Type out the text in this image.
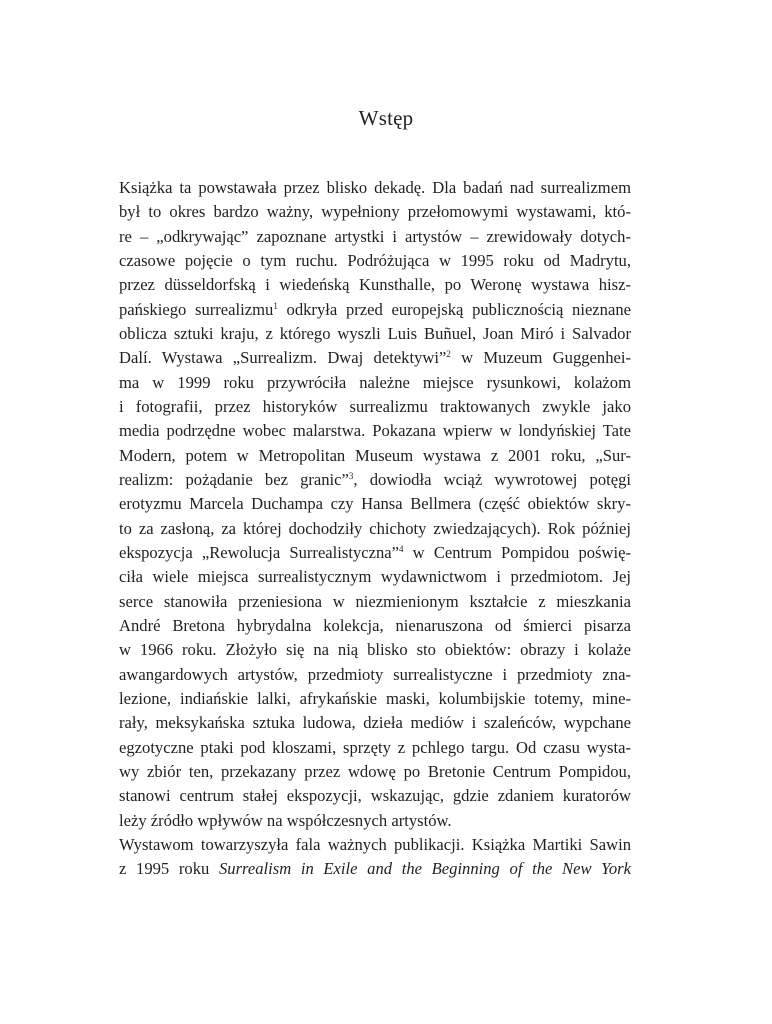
Wstęp
Książka ta powstawała przez blisko dekadę. Dla badań nad surrealizmem
był to okres bardzo ważny, wypełniony przełomowymi wystawami, któ-
re – „odkrywając” zapoznane artystki i artystów – zrewidowały dotych-
czasowe pojęcie o tym ruchu. Podróżująca w 1995 roku od Madrytu,
przez düsseldorfską i wiedeńską Kunsthalle, po Weronę wystawa hisz-
pańskiego surrealizmu$^1$ odkryła przed europejską publicznością nieznane
oblicza sztuki kraju, z którego wyszli Luis Buñuel, Joan Miró i Salvador
Dalí. Wystawa „Surrealizm. Dwaj detektywi”$^2$ w Muzeum Guggenhei-
ma w 1999 roku przywróciła należne miejsce rysunkowi, kolażom
i fotografii, przez historyków surrealizmu traktowanych zwykle jako
media podrzędne wobec malarstwa. Pokazana wpierw w londyńskiej Tate
Modern, potem w Metropolitan Museum wystawa z 2001 roku, „Sur-
realizm: pożądanie bez granic”$^3$, dowiodła wciąż wywrotowej potęgi
erotyzmu Marcela Duchampa czy Hansa Bellmera (część obiektów skry-
to za zasłoną, za której dochodziły chichoty zwiedzających). Rok później
ekspozycja „Rewolucja Surrealistyczna”$^4$ w Centrum Pompidou poświę-
ciła wiele miejsca surrealistycznym wydawnictwom i przedmiotom. Jej
serce stanowiła przeniesiona w niezmienionym kształcie z mieszkania
André Bretona hybrydalna kolekcja, nienaruszona od śmierci pisarza
w 1966 roku. Złożyło się na nią blisko sto obiektów: obrazy i kolaże
awangardowych artystów, przedmioty surrealistyczne i przedmioty zna-
lezione, indiańskie lalki, afrykańskie maski, kolumbijskie totemy, mine-
rały, meksykańska sztuka ludowa, dzieła mediów i szaleńców, wypchane
egzotyczne ptaki pod kloszami, sprzęty z pchlego targu. Od czasu wysta-
wy zbiór ten, przekazany przez wdowę po Bretonie Centrum Pompidou,
stanowi centrum stałej ekspozycji, wskazując, gdzie zdaniem kuratorów
leży źródło wpływów na współczesnych artystów.
Wystawom towarzyszyła fala ważnych publikacji. Książka Martiki Sawin
z 1995 roku Surrealism in Exile and the Beginning of the New York
